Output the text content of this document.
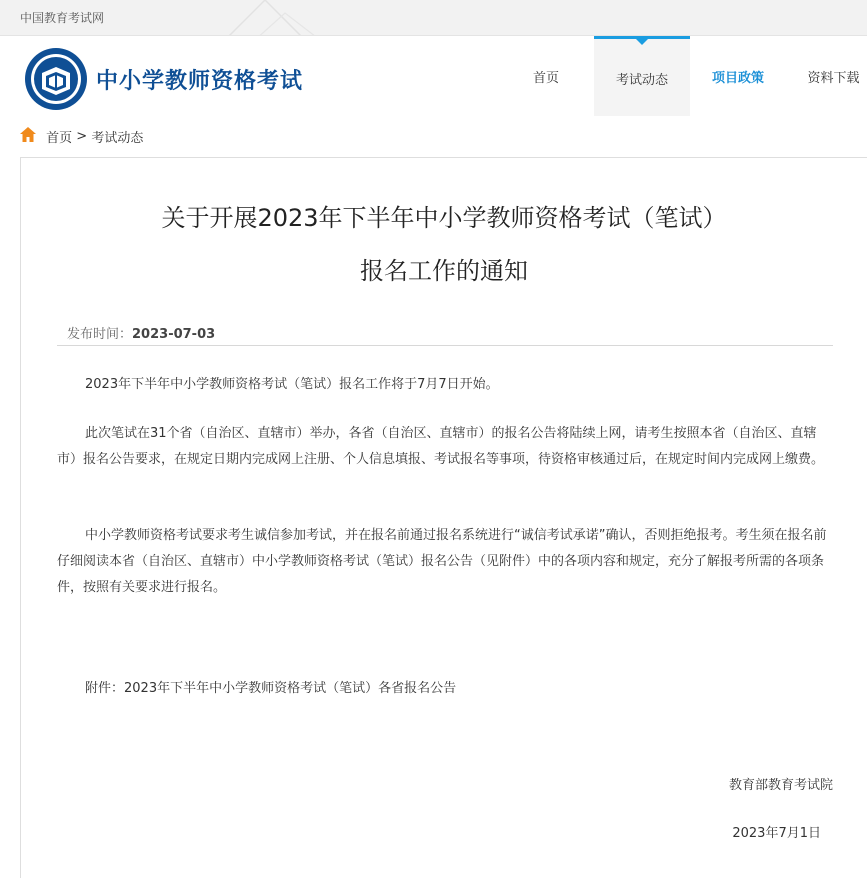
中国教育考试网
中小学教师资格考试	首页	考试动态	项目政策	资料下载
首页 > 考试动态
关于开展2023年下半年中小学教师资格考试（笔试）
报名工作的通知
发布时间：2023-07-03

2023年下半年中小学教师资格考试（笔试）报名工作将于7月7日开始。

此次笔试在31个省（自治区、直辖市）举办，各省（自治区、直辖市）的报名公告将陆续上网，请考生按照本省（自治区、直辖市）报名公告要求，在规定日期内完成网上注册、个人信息填报、考试报名等事项，待资格审核通过后，在规定时间内完成网上缴费。

中小学教师资格考试要求考生诚信参加考试，并在报名前通过报名系统进行“诚信考试承诺”确认，否则拒绝报考。考生须在报名前仔细阅读本省（自治区、直辖市）中小学教师资格考试（笔试）报名公告（见附件）中的各项内容和规定，充分了解报考所需的各项条件，按照有关要求进行报名。

附件：2023年下半年中小学教师资格考试（笔试）各省报名公告

教育部教育考试院
2023年7月1日
